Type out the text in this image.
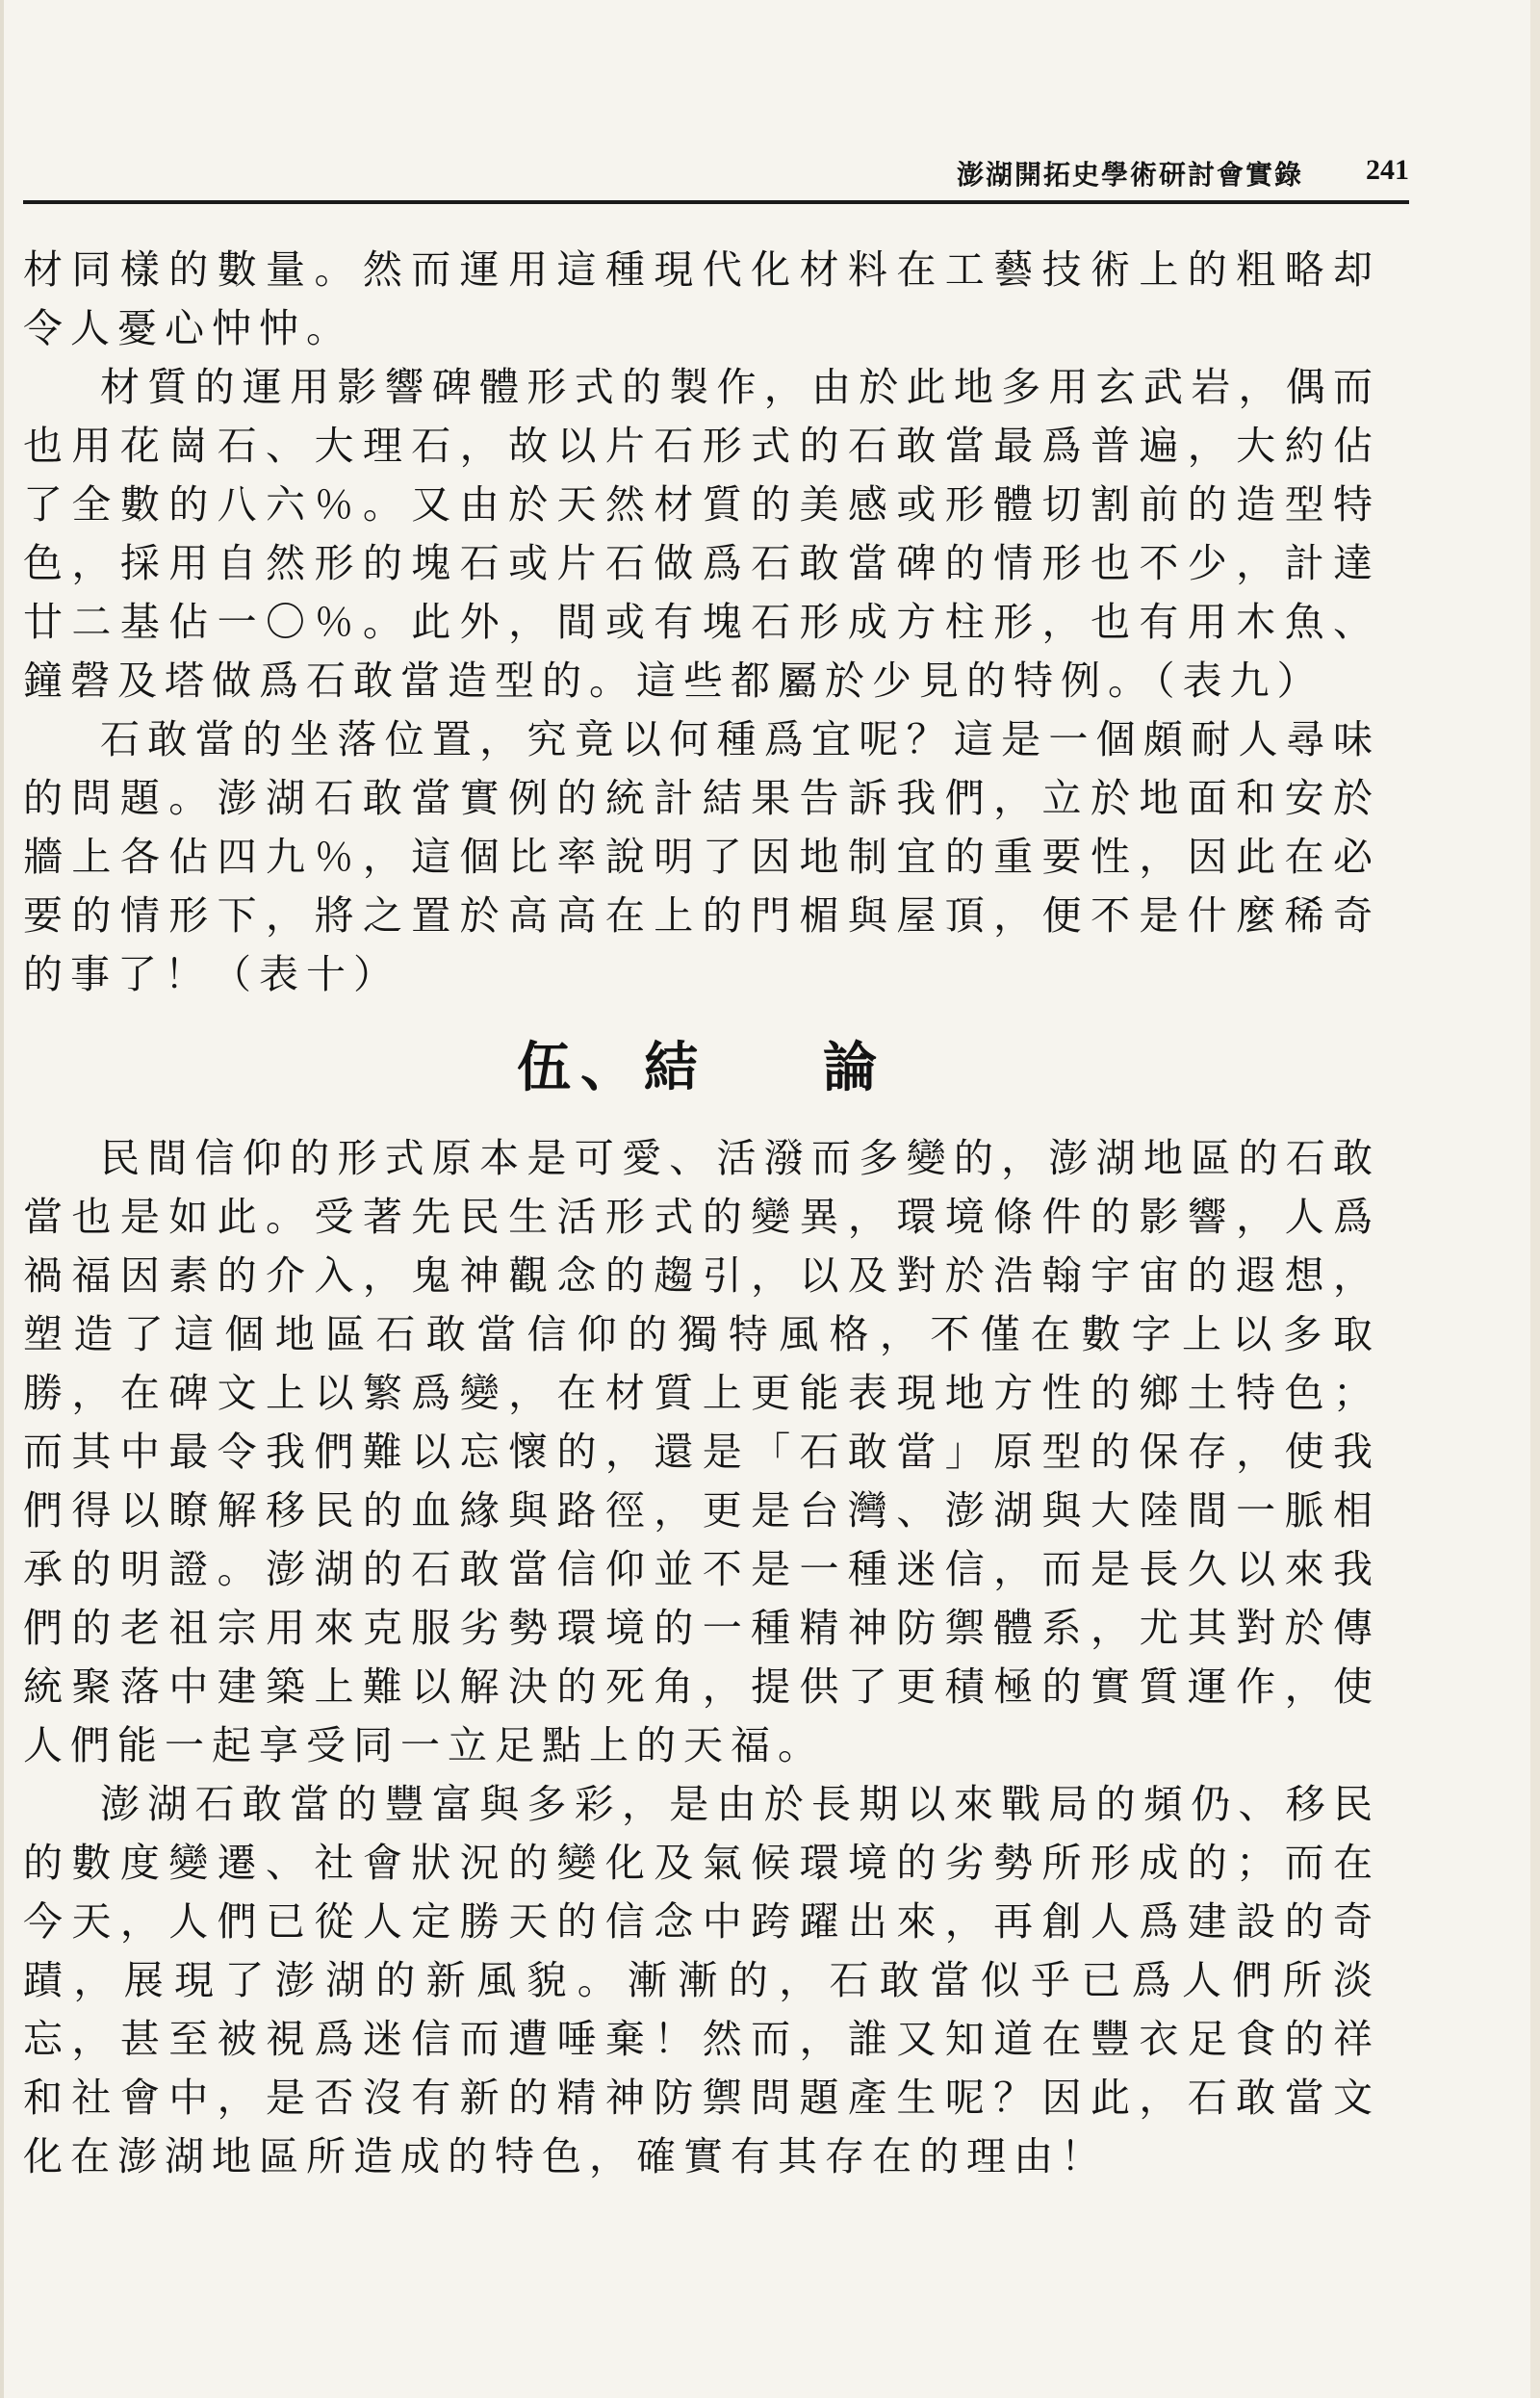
澎湖開拓史學術研討會實錄 241

材同樣的數量。然而運用這種現代化材料在工藝技術上的粗略却令人憂心忡忡。

材質的運用影響碑體形式的製作，由於此地多用玄武岩，偶而也用花崗石、大理石，故以片石形式的石敢當最爲普遍，大約佔了全數的八六％。又由於天然材質的美感或形體切割前的造型特色，採用自然形的塊石或片石做爲石敢當碑的情形也不少，計達廿二基佔一〇％。此外，間或有塊石形成方柱形，也有用木魚、鐘磬及塔做爲石敢當造型的。這些都屬於少見的特例。（表九）

石敢當的坐落位置，究竟以何種爲宜呢？這是一個頗耐人尋味的問題。澎湖石敢當實例的統計結果告訴我們，立於地面和安於牆上各佔四九％，這個比率說明了因地制宜的重要性，因此在必要的情形下，將之置於高高在上的門楣與屋頂，便不是什麼稀奇的事了！（表十）

伍、結 論

民間信仰的形式原本是可愛、活潑而多變的，澎湖地區的石敢當也是如此。受著先民生活形式的變異，環境條件的影響，人爲禍福因素的介入，鬼神觀念的趨引，以及對於浩翰宇宙的遐想，塑造了這個地區石敢當信仰的獨特風格，不僅在數字上以多取勝，在碑文上以繁爲變，在材質上更能表現地方性的鄉土特色；而其中最令我們難以忘懷的，還是「石敢當」原型的保存，使我們得以瞭解移民的血緣與路徑，更是台灣、澎湖與大陸間一脈相承的明證。澎湖的石敢當信仰並不是一種迷信，而是長久以來我們的老祖宗用來克服劣勢環境的一種精神防禦體系，尤其對於傳統聚落中建築上難以解決的死角，提供了更積極的實質運作，使人們能一起享受同一立足點上的天福。

澎湖石敢當的豐富與多彩，是由於長期以來戰局的頻仍、移民的數度變遷、社會狀況的變化及氣候環境的劣勢所形成的；而在今天，人們已從人定勝天的信念中跨躍出來，再創人爲建設的奇蹟，展現了澎湖的新風貌。漸漸的，石敢當似乎已爲人們所淡忘，甚至被視爲迷信而遭唾棄！然而，誰又知道在豐衣足食的祥和社會中，是否沒有新的精神防禦問題產生呢？因此，石敢當文化在澎湖地區所造成的特色，確實有其存在的理由！
